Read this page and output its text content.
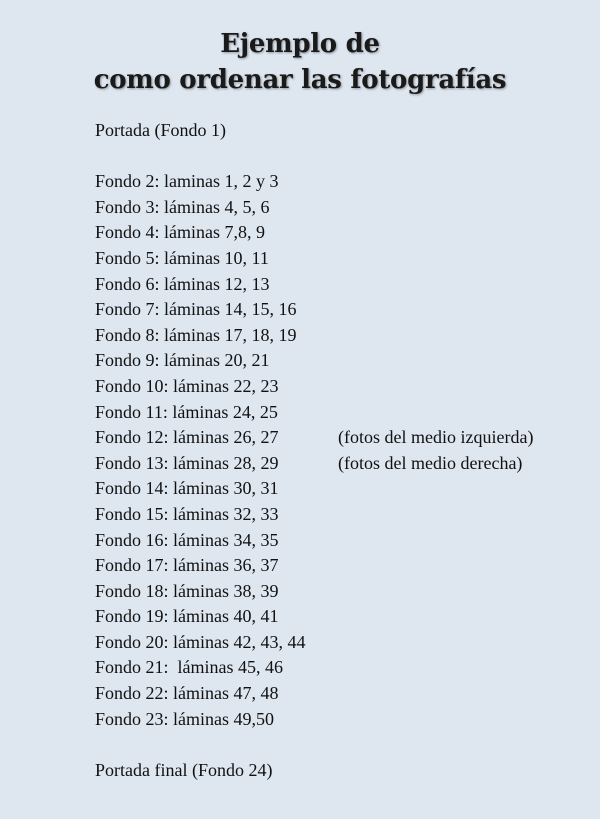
Ejemplo de
como ordenar las fotografías
Portada (Fondo 1)
Fondo 2: laminas 1, 2 y 3
Fondo 3: láminas 4, 5, 6
Fondo 4: láminas 7,8, 9
Fondo 5: láminas 10, 11
Fondo 6: láminas 12, 13
Fondo 7: láminas 14, 15, 16
Fondo 8: láminas 17, 18, 19
Fondo 9: láminas 20, 21
Fondo 10: láminas 22, 23
Fondo 11: láminas 24, 25
Fondo 12: láminas 26, 27	(fotos del medio izquierda)
Fondo 13: láminas 28, 29	(fotos del medio derecha)
Fondo 14: láminas 30, 31
Fondo 15: láminas 32, 33
Fondo 16: láminas 34, 35
Fondo 17: láminas 36, 37
Fondo 18: láminas 38, 39
Fondo 19: láminas 40, 41
Fondo 20: láminas 42, 43, 44
Fondo 21:  láminas 45, 46
Fondo 22: láminas 47, 48
Fondo 23: láminas 49,50
Portada final (Fondo 24)
